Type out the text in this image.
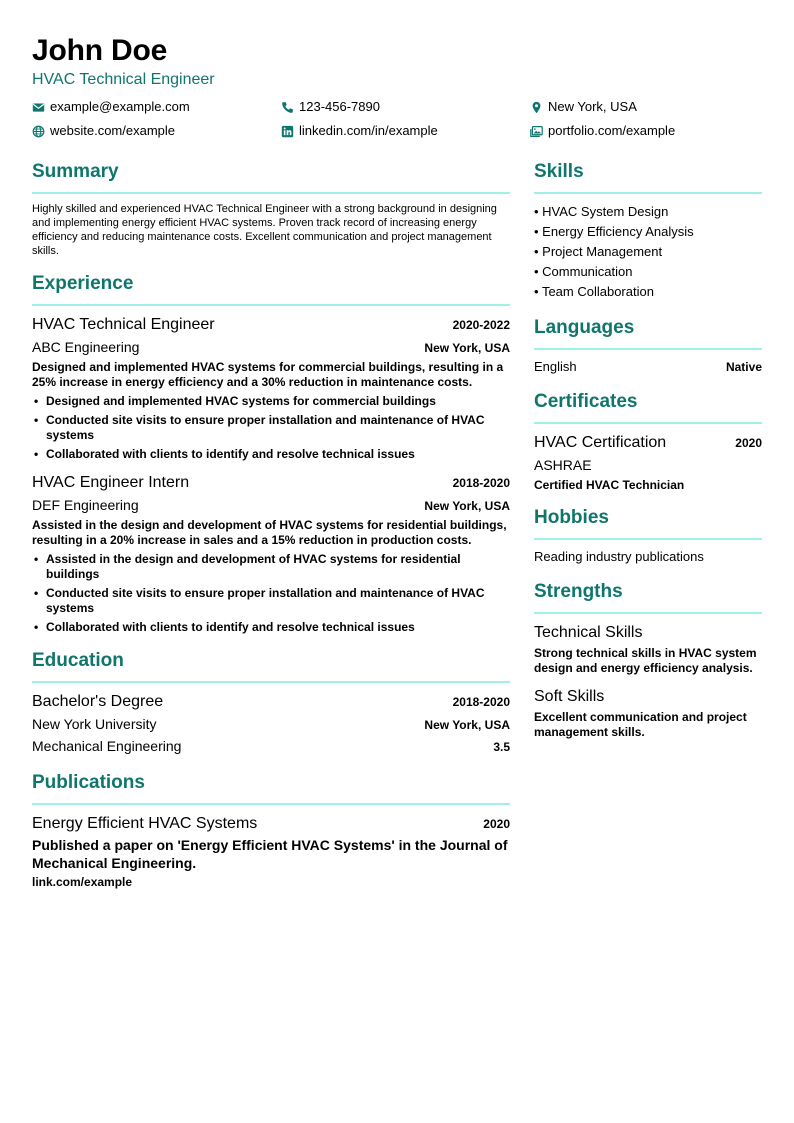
John Doe
HVAC Technical Engineer
example@example.com	123-456-7890	New York, USA
website.com/example	linkedin.com/in/example	portfolio.com/example
Summary
Highly skilled and experienced HVAC Technical Engineer with a strong background in designing and implementing energy efficient HVAC systems. Proven track record of increasing energy efficiency and reducing maintenance costs. Excellent communication and project management skills.
Experience
HVAC Technical Engineer	2020-2022
ABC Engineering	New York, USA
Designed and implemented HVAC systems for commercial buildings, resulting in a 25% increase in energy efficiency and a 30% reduction in maintenance costs.
• Designed and implemented HVAC systems for commercial buildings
• Conducted site visits to ensure proper installation and maintenance of HVAC systems
• Collaborated with clients to identify and resolve technical issues
HVAC Engineer Intern	2018-2020
DEF Engineering	New York, USA
Assisted in the design and development of HVAC systems for residential buildings, resulting in a 20% increase in sales and a 15% reduction in production costs.
• Assisted in the design and development of HVAC systems for residential buildings
• Conducted site visits to ensure proper installation and maintenance of HVAC systems
• Collaborated with clients to identify and resolve technical issues
Education
Bachelor's Degree	2018-2020
New York University	New York, USA
Mechanical Engineering	3.5
Publications
Energy Efficient HVAC Systems	2020
Published a paper on 'Energy Efficient HVAC Systems' in the Journal of Mechanical Engineering.
link.com/example
Skills
• HVAC System Design
• Energy Efficiency Analysis
• Project Management
• Communication
• Team Collaboration
Languages
English	Native
Certificates
HVAC Certification	2020
ASHRAE
Certified HVAC Technician
Hobbies
Reading industry publications
Strengths
Technical Skills
Strong technical skills in HVAC system design and energy efficiency analysis.
Soft Skills
Excellent communication and project management skills.
